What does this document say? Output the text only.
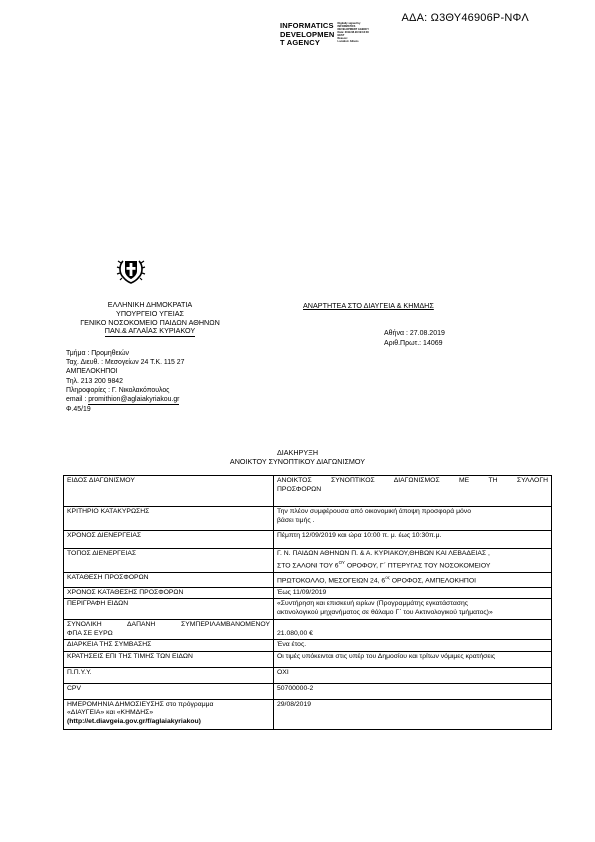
ΑΔΑ: Ω3ΘΥ46906Ρ-ΝΦΛ
INFORMATICS
DEVELOPMEN
T AGENCY
Digitally signed by
INFORMATICS
DEVELOPMENT AGENCY
Date: 2019.08.29 09:16:30
EEST
Reason:
Location: Athens
ΕΛΛΗΝΙΚΗ ΔΗΜΟΚΡΑΤΙΑ
ΥΠΟΥΡΓΕΙΟ ΥΓΕΙΑΣ
ΓΕΝΙΚΟ ΝΟΣΟΚΟΜΕΙΟ ΠΑΙΔΩΝ ΑΘΗΝΩΝ
ΠΑΝ.& ΑΓΛΑΪΑΣ ΚΥΡΙΑΚΟΥ
ΑΝΑΡΤΗΤΕΑ ΣΤΟ ΔΙΑΥΓΕΙΑ & ΚΗΜΔΗΣ
Αθήνα : 27.08.2019
Αριθ.Πρωτ.: 14069
Τμήμα : Προμηθειών
Ταχ. Διευθ. : Μεσογείων 24 Τ.Κ. 115 27
ΑΜΠΕΛΟΚΗΠΟΙ
Τηλ. 213 200 9842
Πληροφορίες : Γ. Νικολακόπουλος
email : promithion@aglaiakyriakou.gr
Φ.45/19
ΔΙΑΚΗΡΥΞΗ
ΑΝΟΙΚΤΟΥ ΣΥΝΟΠΤΙΚΟΥ ΔΙΑΓΩΝΙΣΜΟΥ
ΕΙΔΟΣ ΔΙΑΓΩΝΙΣΜΟΥ	ΑΝΟΙΚΤΟΣ ΣΥΝΟΠΤΙΚΟΣ ΔΙΑΓΩΝΙΣΜΟΣ ΜΕ ΤΗ ΣΥΛΛΟΓΗ
ΠΡΟΣΦΟΡΩΝ

ΚΡΙΤΗΡΙΟ ΚΑΤΑΚΥΡΩΣΗΣ	Την πλέον συμφέρουσα από οικονομική άποψη προσφορά μόνο
βάσει τιμής .

ΧΡΟΝΟΣ ΔΙΕΝΕΡΓΕΙΑΣ	Πέμπτη 12/09/2019 και ώρα 10:00 π. μ. έως 10:30π.μ.
ΤΟΠΟΣ ΔΙΕΝΕΡΓΕΙΑΣ	Γ. Ν. ΠΑΙΔΩΝ ΑΘΗΝΩΝ Π. & Α. ΚΥΡΙΑΚΟΥ,ΘΗΒΩΝ ΚΑΙ ΛΕΒΑΔΕΙΑΣ ,
ΣΤΟ ΣΑΛΟΝΙ ΤΟΥ $6^{O\Upsilon}$ ΟΡΟΦΟΥ, Γ΄ ΠΤΕΡΥΓΑΣ ΤΟΥ ΝΟΣΟΚΟΜΕΙΟΥ

ΚΑΤΑΘΕΣΗ ΠΡΟΣΦΟΡΩΝ	ΠΡΩΤΟΚΟΛΛΟ, ΜΕΣΟΓΕΙΩΝ 24, $6^{o\varsigma}$ ΟΡΟΦΟΣ, ΑΜΠΕΛΟΚΗΠΟΙ
ΧΡΟΝΟΣ ΚΑΤΑΘΕΣΗΣ ΠΡΟΣΦΟΡΩΝ	Έως 11/09/2019
ΠΕΡΙΓΡΑΦΗ ΕΙΔΩΝ	«Συντήρηση και επισκευή ειρίων (Προγραμμάτης εγκατάστασης
ακτινολογικού μηχανήματος σε θάλαμο Γ΄ του Ακτινολογικού τμήματος)»

ΣΥΝΟΛΙΚΗ ΔΑΠΑΝΗ ΣΥΜΠΕΡΙΛΑΜΒΑΝΟΜΕΝΟΥ
ΦΠΑ ΣΕ ΕΥΡΩ	21.080,00 €

ΔΙΑΡΚΕΙΑ ΤΗΣ ΣΥΜΒΑΣΗΣ	Ένα έτος.
ΚΡΑΤΗΣΕΙΣ ΕΠΙ ΤΗΣ ΤΙΜΗΣ ΤΩΝ ΕΙΔΩΝ	Οι τιμές υπόκεινται στις υπέρ του Δημοσίου και τρίτων νόμιμες κρατήσεις
Π.Π.Υ.Υ.	ΟΧΙ
CPV	50700000-2

ΗΜΕΡΟΜΗΝΙΑ ΔΗΜΟΣΙΕΥΣΗΣ στο πρόγραμμα
«ΔΙΑΥΓΕΙΑ» και «ΚΗΜΔΗΣ»
(http://et.diavgeia.gov.gr/f/aglaiakyriakou)	29/08/2019
